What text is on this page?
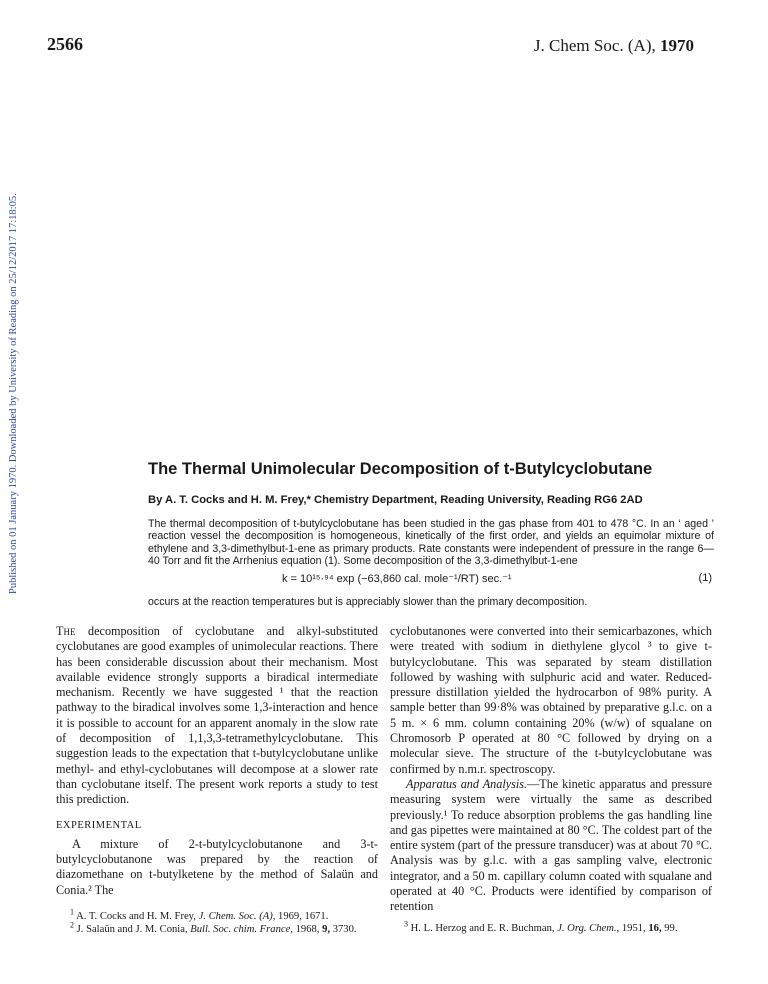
2566	J. Chem Soc. (A), 1970
Published on 01 January 1970. Downloaded by University of Reading on 25/12/2017 17:18:05.	The Thermal Unimolecular Decomposition of t-Butylcyclobutane
By A. T. Cocks and H. M. Frey,* Chemistry Department, Reading University, Reading RG6 2AD
The thermal decomposition of t-butylcyclobutane has been studied in the gas phase from 401 to 478 °C. In an ‘ aged ’ reaction vessel the decomposition is homogeneous, kinetically of the first order, and yields an equimolar mixture of ethylene and 3,3-dimethylbut-1-ene as primary products. Rate constants were independent of pressure in the range 6—40 Torr and fit the Arrhenius equation (1). Some decomposition of the 3,3-dimethylbut-1-ene
k = 10¹⁵·⁹⁴ exp (−63,860 cal. mole⁻¹/RT) sec.⁻¹	(1)
occurs at the reaction temperatures but is appreciably slower than the primary decomposition.

The decomposition of cyclobutane and alkyl-substituted cyclobutanes are good examples of unimolecular reactions. There has been considerable discussion about their mechanism. Most available evidence strongly supports a biradical intermediate mechanism. Recently we have suggested ¹ that the reaction pathway to the biradical involves some 1,3-interaction and hence it is possible to account for an apparent anomaly in the slow rate of decomposition of 1,1,3,3-tetramethylcyclobutane. This suggestion leads to the expectation that t-butylcyclobutane unlike methyl- and ethyl-cyclobutanes will decompose at a slower rate than cyclobutane itself. The present work reports a study to test this prediction.

EXPERIMENTAL

A mixture of 2-t-butylcyclobutanone and 3-t-butylcyclobutanone was prepared by the reaction of diazomethane on t-butylketene by the method of Salaün and Conia.² The

cyclobutanones were converted into their semicarbazones, which were treated with sodium in diethylene glycol ³ to give t-butylcyclobutane. This was separated by steam distillation followed by washing with sulphuric acid and water. Reduced-pressure distillation yielded the hydrocarbon of 98% purity. A sample better than 99·8% was obtained by preparative g.l.c. on a 5 m. × 6 mm. column containing 20% (w/w) of squalane on Chromosorb P operated at 80 °C followed by drying on a molecular sieve. The structure of the t-butylcyclobutane was confirmed by n.m.r. spectroscopy.

Apparatus and Analysis.—The kinetic apparatus and pressure measuring system were virtually the same as described previously.¹ To reduce absorption problems the gas handling line and gas pipettes were maintained at 80 °C. The coldest part of the entire system (part of the pressure transducer) was at about 70 °C. Analysis was by g.l.c. with a gas sampling valve, electronic integrator, and a 50 m. capillary column coated with squalane and operated at 40 °C. Products were identified by comparison of retention

$^1$ A. T. Cocks and H. M. Frey, J. Chem. Soc. (A), 1969, 1671.

$^2$ J. Salaün and J. M. Conia, Bull. Soc. chim. France, 1968, 9, 3730.

$^3$ H. L. Herzog and E. R. Buchman, J. Org. Chem., 1951, 16, 99.
